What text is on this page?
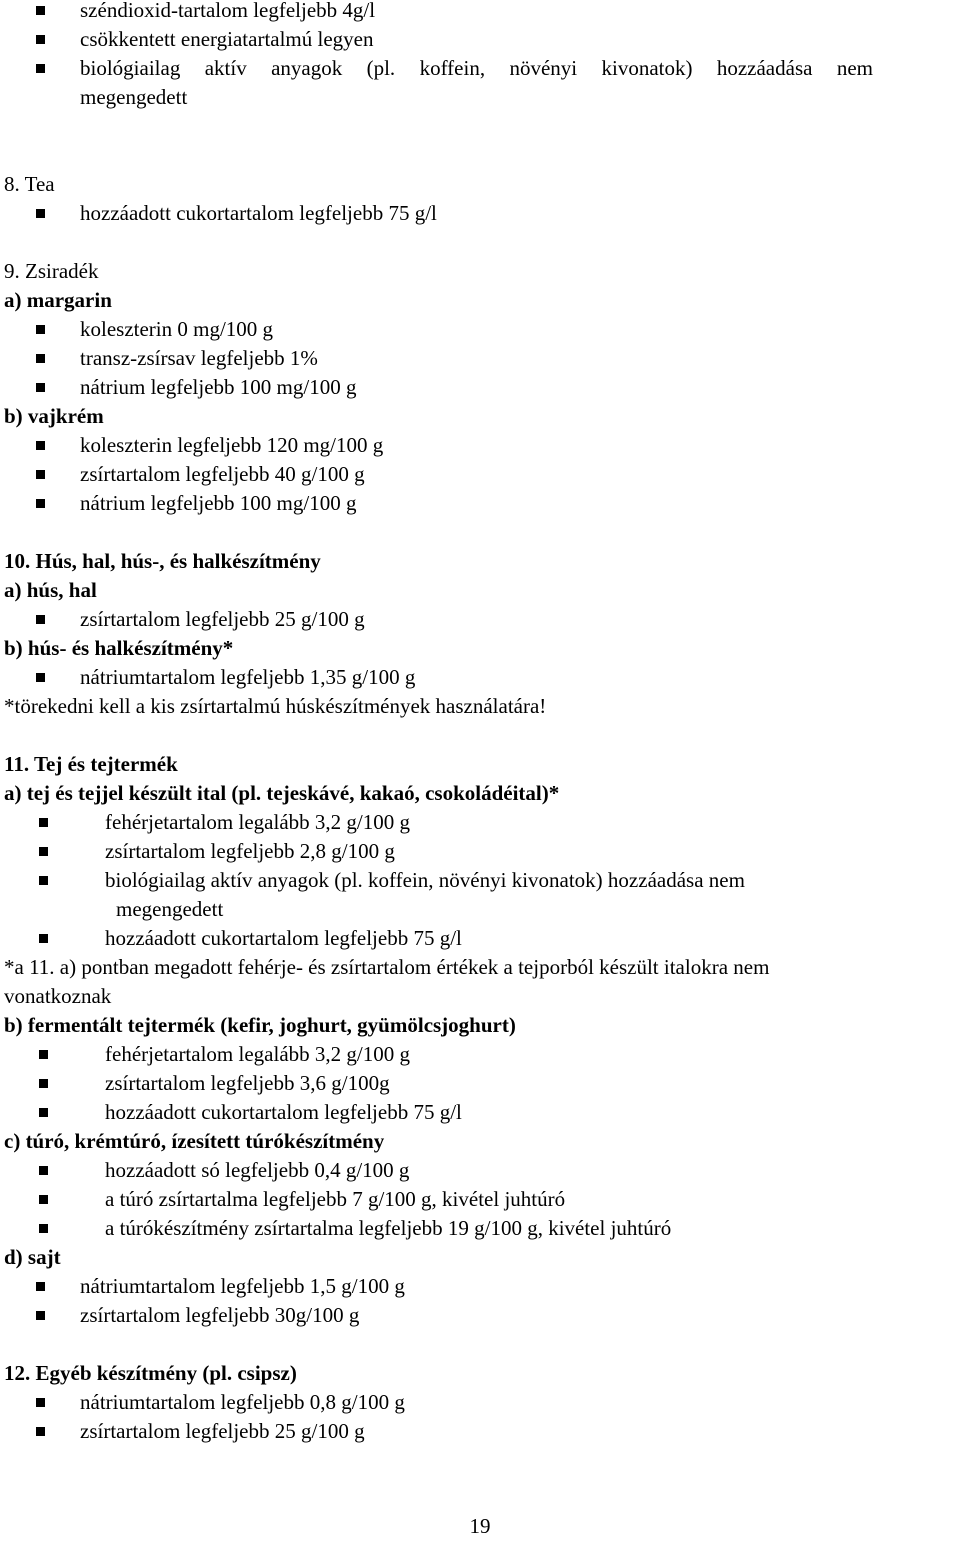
széndioxid-tartalom legfeljebb 4g/l
csökkentett energiatartalmú legyen
biológiailag aktív anyagok (pl. koffein, növényi kivonatok) hozzáadása nem
megengedett
8. Tea
hozzáadott cukortartalom legfeljebb 75 g/l
9. Zsiradék
a) margarin
koleszterin 0 mg/100 g
transz-zsírsav legfeljebb 1%
nátrium legfeljebb 100 mg/100 g
b) vajkrém
koleszterin legfeljebb 120 mg/100 g
zsírtartalom legfeljebb 40 g/100 g
nátrium legfeljebb 100 mg/100 g
10. Hús, hal, hús-, és halkészítmény
a) hús, hal
zsírtartalom legfeljebb 25 g/100 g
b) hús- és halkészítmény*
nátriumtartalom legfeljebb 1,35 g/100 g
*törekedni kell a kis zsírtartalmú húskészítmények használatára!
11. Tej és tejtermék
a) tej és tejjel készült ital (pl. tejeskávé, kakaó, csokoládéital)*
fehérjetartalom legalább 3,2 g/100 g
zsírtartalom legfeljebb 2,8 g/100 g
biológiailag aktív anyagok (pl. koffein, növényi kivonatok) hozzáadása nem
megengedett
hozzáadott cukortartalom legfeljebb 75 g/l
*a 11. a) pontban megadott fehérje- és zsírtartalom értékek a tejporból készült italokra nem
vonatkoznak
b) fermentált tejtermék (kefir, joghurt, gyümölcsjoghurt)
fehérjetartalom legalább 3,2 g/100 g
zsírtartalom legfeljebb 3,6 g/100g
hozzáadott cukortartalom legfeljebb 75 g/l
c) túró, krémtúró, ízesített túrókészítmény
hozzáadott só legfeljebb 0,4 g/100 g
a túró zsírtartalma legfeljebb 7 g/100 g, kivétel juhtúró
a túrókészítmény zsírtartalma legfeljebb 19 g/100 g, kivétel juhtúró
d) sajt
nátriumtartalom legfeljebb 1,5 g/100 g
zsírtartalom legfeljebb 30g/100 g
12. Egyéb készítmény (pl. csipsz)
nátriumtartalom legfeljebb 0,8 g/100 g
zsírtartalom legfeljebb 25 g/100 g
19
